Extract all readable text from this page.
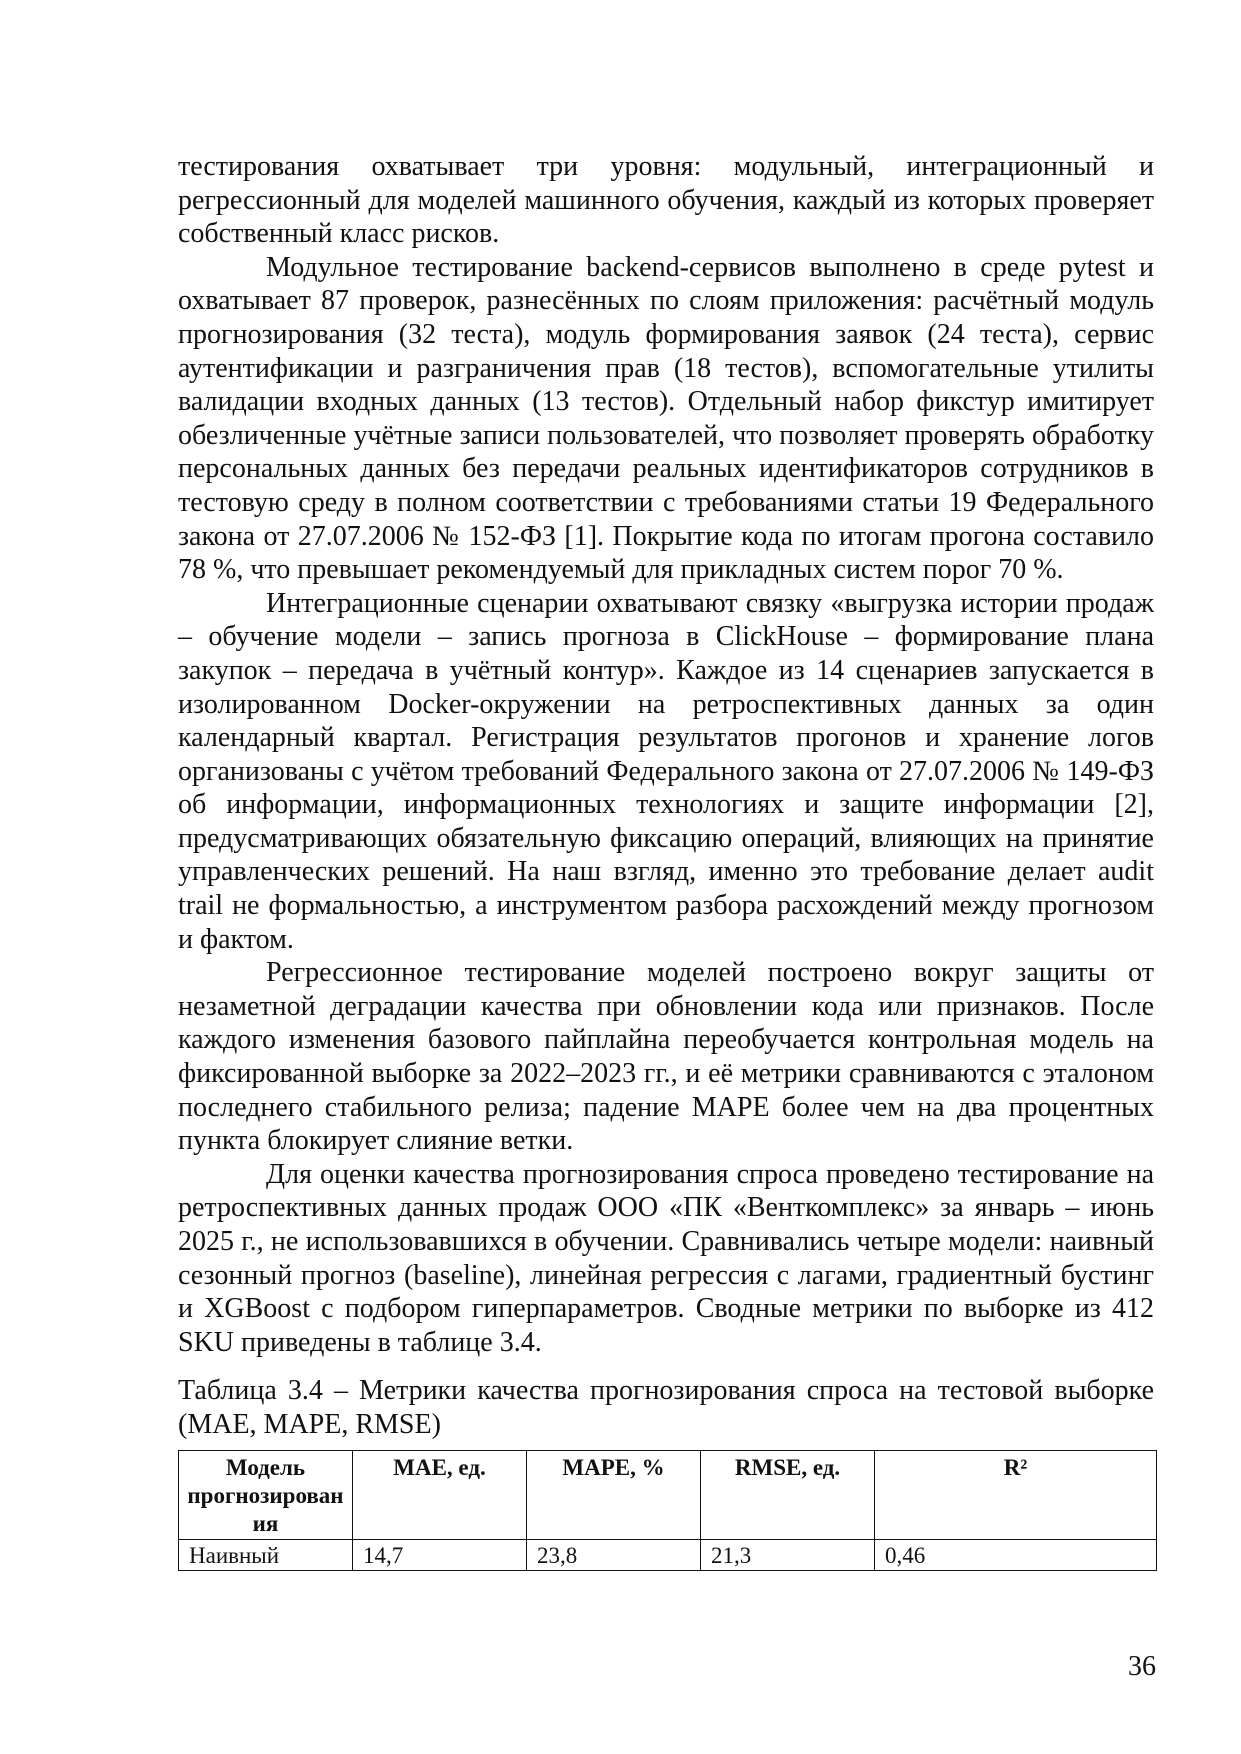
тестирования охватывает три уровня: модульный, интеграционный и регрессионный для моделей машинного обучения, каждый из которых проверяет собственный класс рисков.

Модульное тестирование backend-сервисов выполнено в среде pytest и охватывает 87 проверок, разнесённых по слоям приложения: расчётный модуль прогнозирования (32 теста), модуль формирования заявок (24 теста), сервис аутентификации и разграничения прав (18 тестов), вспомогательные утилиты валидации входных данных (13 тестов). Отдельный набор фикстур имитирует обезличенные учётные записи пользователей, что позволяет проверять обработку персональных данных без передачи реальных идентификаторов сотрудников в тестовую среду в полном соответствии с требованиями статьи 19 Федерального закона от 27.07.2006 № 152-ФЗ [1]. Покрытие кода по итогам прогона составило 78 %, что превышает рекомендуемый для прикладных систем порог 70 %.

Интеграционные сценарии охватывают связку «выгрузка истории продаж – обучение модели – запись прогноза в ClickHouse – формирование плана закупок – передача в учётный контур». Каждое из 14 сценариев запускается в изолированном Docker-окружении на ретроспективных данных за один календарный квартал. Регистрация результатов прогонов и хранение логов организованы с учётом требований Федерального закона от 27.07.2006 № 149-ФЗ об информации, информационных технологиях и защите информации [2], предусматривающих обязательную фиксацию операций, влияющих на принятие управленческих решений. На наш взгляд, именно это требование делает audit trail не формальностью, а инструментом разбора расхождений между прогнозом и фактом.

Регрессионное тестирование моделей построено вокруг защиты от незаметной деградации качества при обновлении кода или признаков. После каждого изменения базового пайплайна переобучается контрольная модель на фиксированной выборке за 2022–2023 гг., и её метрики сравниваются с эталоном последнего стабильного релиза; падение MAPE более чем на два процентных пункта блокирует слияние ветки.

Для оценки качества прогнозирования спроса проведено тестирование на ретроспективных данных продаж ООО «ПК «Венткомплекс» за январь – июнь 2025 г., не использовавшихся в обучении. Сравнивались четыре модели: наивный сезонный прогноз (baseline), линейная регрессия с лагами, градиентный бустинг и XGBoost с подбором гиперпараметров. Сводные метрики по выборке из 412 SKU приведены в таблице 3.4.

Таблица 3.4 – Метрики качества прогнозирования спроса на тестовой выборке (MAE, MAPE, RMSE)

Модель прогнозирован ия	MAE, ед.	MAPE, %	RMSE, ед.	R²
Наивный	14,7	23,8	21,3	0,46
36
